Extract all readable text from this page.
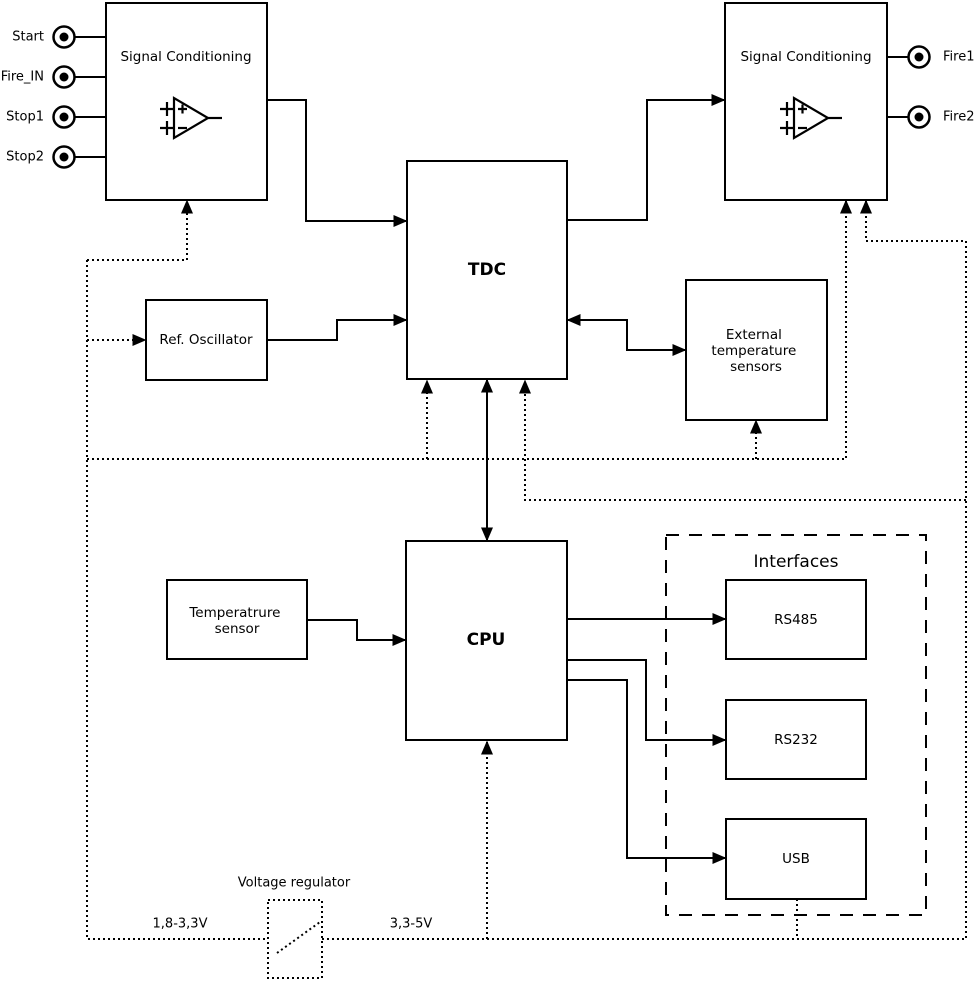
Interfaces
Signal Conditioning	Signal Conditioning
TDC
Ref. Oscillator	External temperature sensors
CPU
Temperatrure sensor
RS485
RS232
USB
Voltage regulator
Start
Fire_IN
Stop1
Stop2
Fire1
Fire2
1,8-3,3V	3,3-5V
